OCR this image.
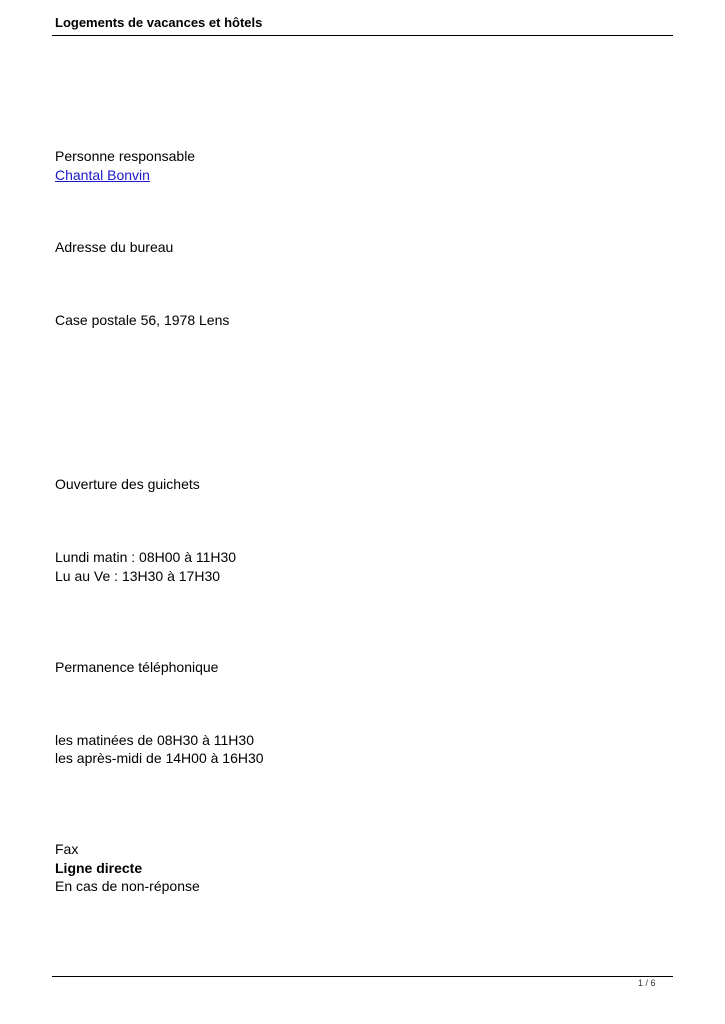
Logements de vacances et hôtels
Personne responsable
Chantal Bonvin
Adresse du bureau
Case postale 56, 1978 Lens
Ouverture des guichets
Lundi matin : 08H00 à 11H30
Lu au Ve : 13H30 à 17H30
Permanence téléphonique
les matinées de 08H30 à 11H30
les après-midi de 14H00 à 16H30
Fax
Ligne directe
En cas de non-réponse
1 / 6
